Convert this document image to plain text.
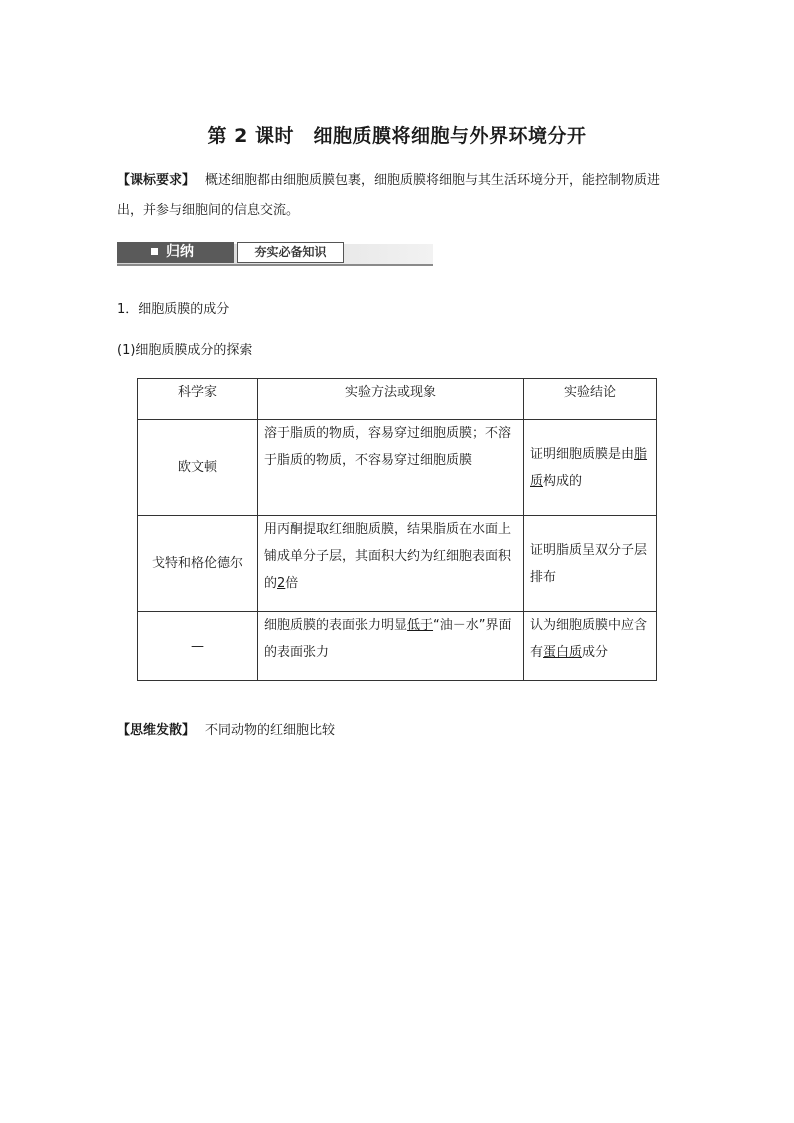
第 2 课时　细胞质膜将细胞与外界环境分开
【课标要求】 概述细胞都由细胞质膜包裹，细胞质膜将细胞与其生活环境分开，能控制物质进出，并参与细胞间的信息交流。
归纳	夯实必备知识
1．细胞质膜的成分
(1)细胞质膜成分的探索
科学家	实验方法或现象	实验结论
欧文顿	溶于脂质的物质，容易穿过细胞质膜；不溶于脂质的物质，不容易穿过细胞质膜	证明细胞质膜是由脂质构成的
戈特和格伦德尔	用丙酮提取红细胞质膜，结果脂质在水面上铺成单分子层，其面积大约为红细胞表面积的2倍	证明脂质呈双分子层排布
—	细胞质膜的表面张力明显低于“油－水”界面的表面张力	认为细胞质膜中应含有蛋白质成分
【思维发散】 不同动物的红细胞比较
